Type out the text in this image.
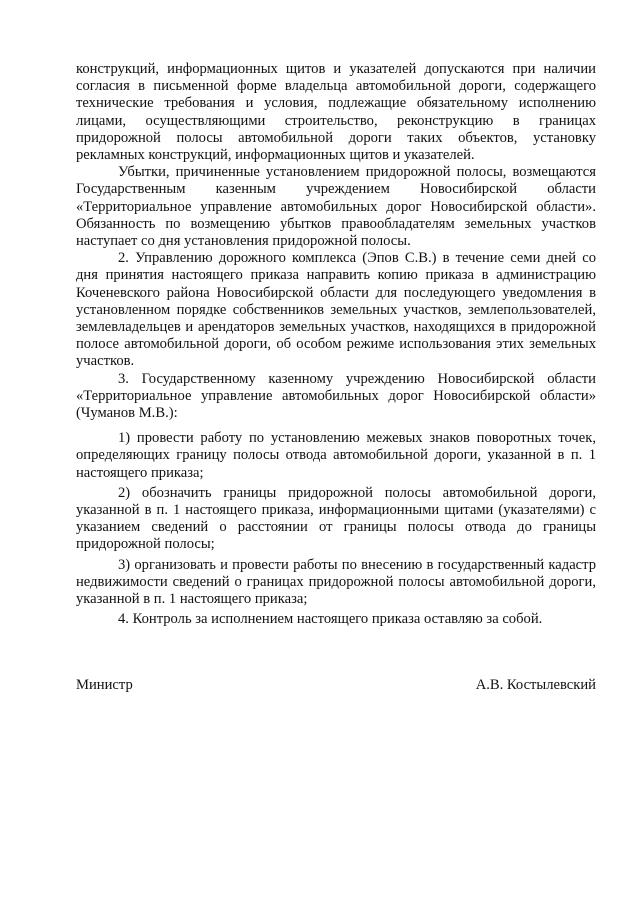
конструкций, информационных щитов и указателей допускаются при наличии согласия в письменной форме владельца автомобильной дороги, содержащего технические требования и условия, подлежащие обязательному исполнению лицами, осуществляющими строительство, реконструкцию в границах придорожной полосы автомобильной дороги таких объектов, установку рекламных конструкций, информационных щитов и указателей.

Убытки, причиненные установлением придорожной полосы, возмещаются Государственным казенным учреждением Новосибирской области «Территориальное управление автомобильных дорог Новосибирской области». Обязанность по возмещению убытков правообладателям земельных участков наступает со дня установления придорожной полосы.

2. Управлению дорожного комплекса (Эпов С.В.) в течение семи дней со дня принятия настоящего приказа направить копию приказа в администрацию Коченевского района Новосибирской области для последующего уведомления в установленном порядке собственников земельных участков, землепользователей, землевладельцев и арендаторов земельных участков, находящихся в придорожной полосе автомобильной дороги, об особом режиме использования этих земельных участков.

3. Государственному казенному учреждению Новосибирской области «Территориальное управление автомобильных дорог Новосибирской области» (Чуманов М.В.):

1) провести работу по установлению межевых знаков поворотных точек, определяющих границу полосы отвода автомобильной дороги, указанной в п. 1 настоящего приказа;

2) обозначить границы придорожной полосы автомобильной дороги, указанной в п. 1 настоящего приказа, информационными щитами (указателями) с указанием сведений о расстоянии от границы полосы отвода до границы придорожной полосы;

3) организовать и провести работы по внесению в государственный кадастр недвижимости сведений о границах придорожной полосы автомобильной дороги, указанной в п. 1 настоящего приказа;

4. Контроль за исполнением настоящего приказа оставляю за собой.

Министр	А.В. Костылевский
